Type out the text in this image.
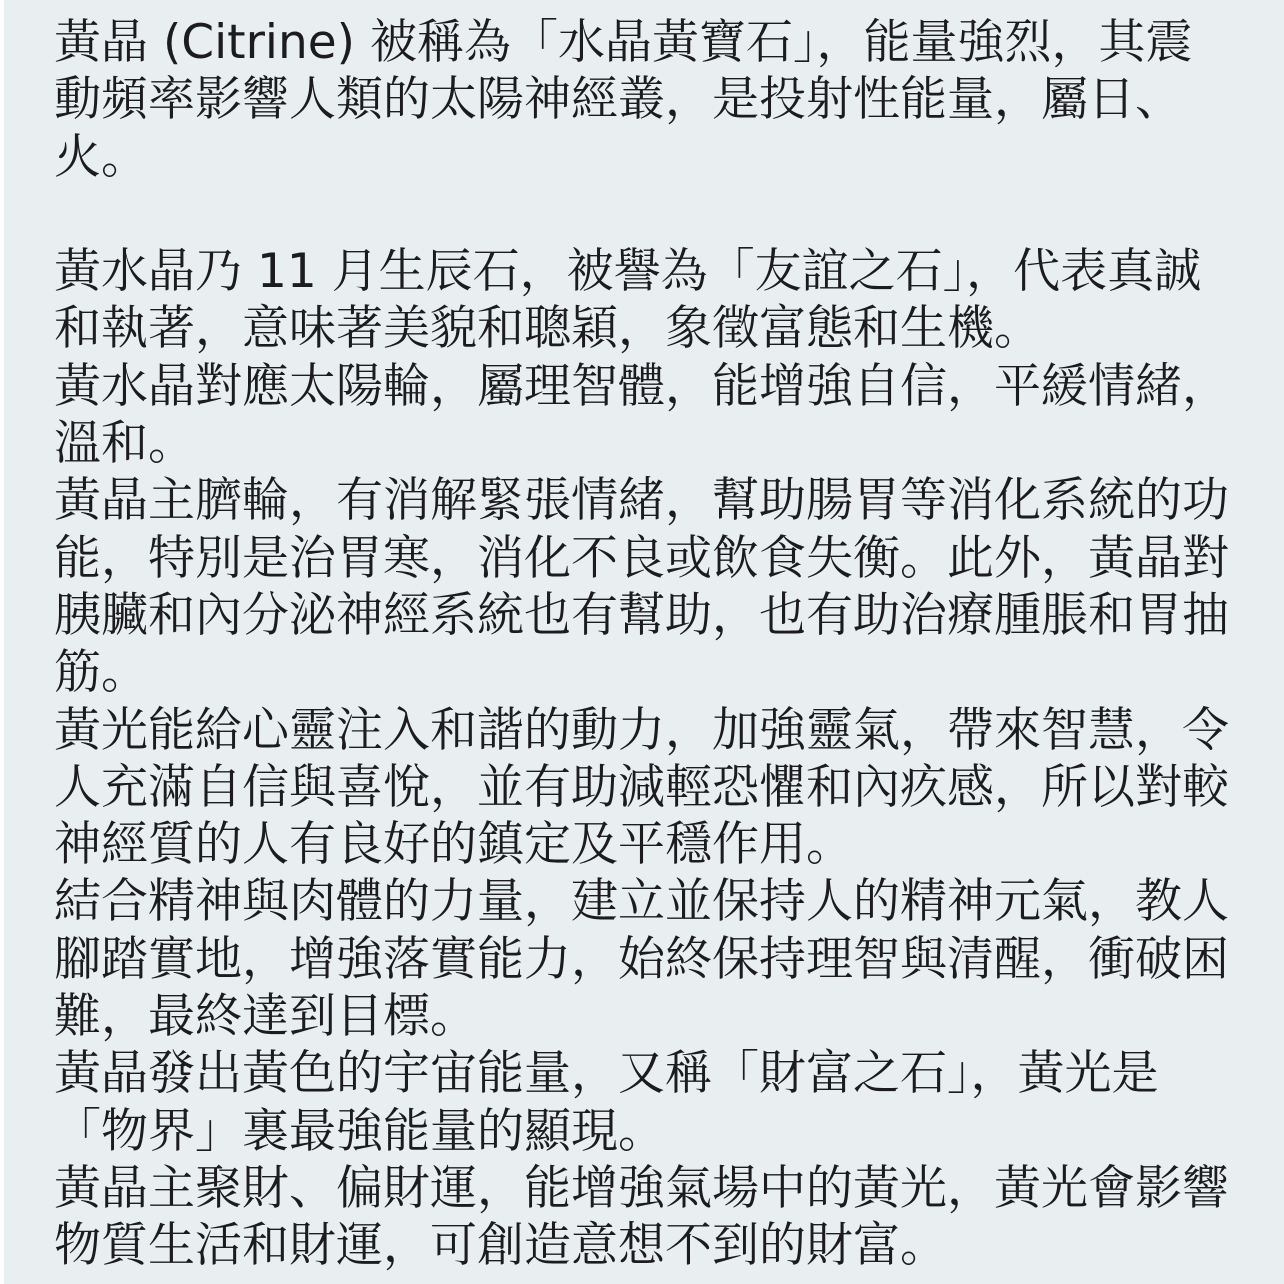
黃晶 (Citrine) 被稱為「水晶黃寶石」，能量強烈，其震動頻率影響人類的太陽神經叢，是投射性能量，屬日、火。

黃水晶乃 11 月生辰石，被譽為「友誼之石」，代表真誠和執著，意味著美貌和聰穎，象徵富態和生機。

黃水晶對應太陽輪，屬理智體，能增強自信，平緩情緒，溫和。

黃晶主臍輪，有消解緊張情緒，幫助腸胃等消化系統的功能，特別是治胃寒，消化不良或飲食失衡。此外，黃晶對胰臟和內分泌神經系統也有幫助，也有助治療腫脹和胃抽筋。

黃光能給心靈注入和諧的動力，加強靈氣，帶來智慧，令人充滿自信與喜悅，並有助減輕恐懼和內疚感，所以對較神經質的人有良好的鎮定及平穩作用。

結合精神與肉體的力量，建立並保持人的精神元氣，教人腳踏實地，增強落實能力，始終保持理智與清醒，衝破困難，最終達到目標。

黃晶發出黃色的宇宙能量，又稱「財富之石」，黃光是「物界」裏最強能量的顯現。

黃晶主聚財、偏財運，能增強氣場中的黃光，黃光會影響物質生活和財運，可創造意想不到的財富。
